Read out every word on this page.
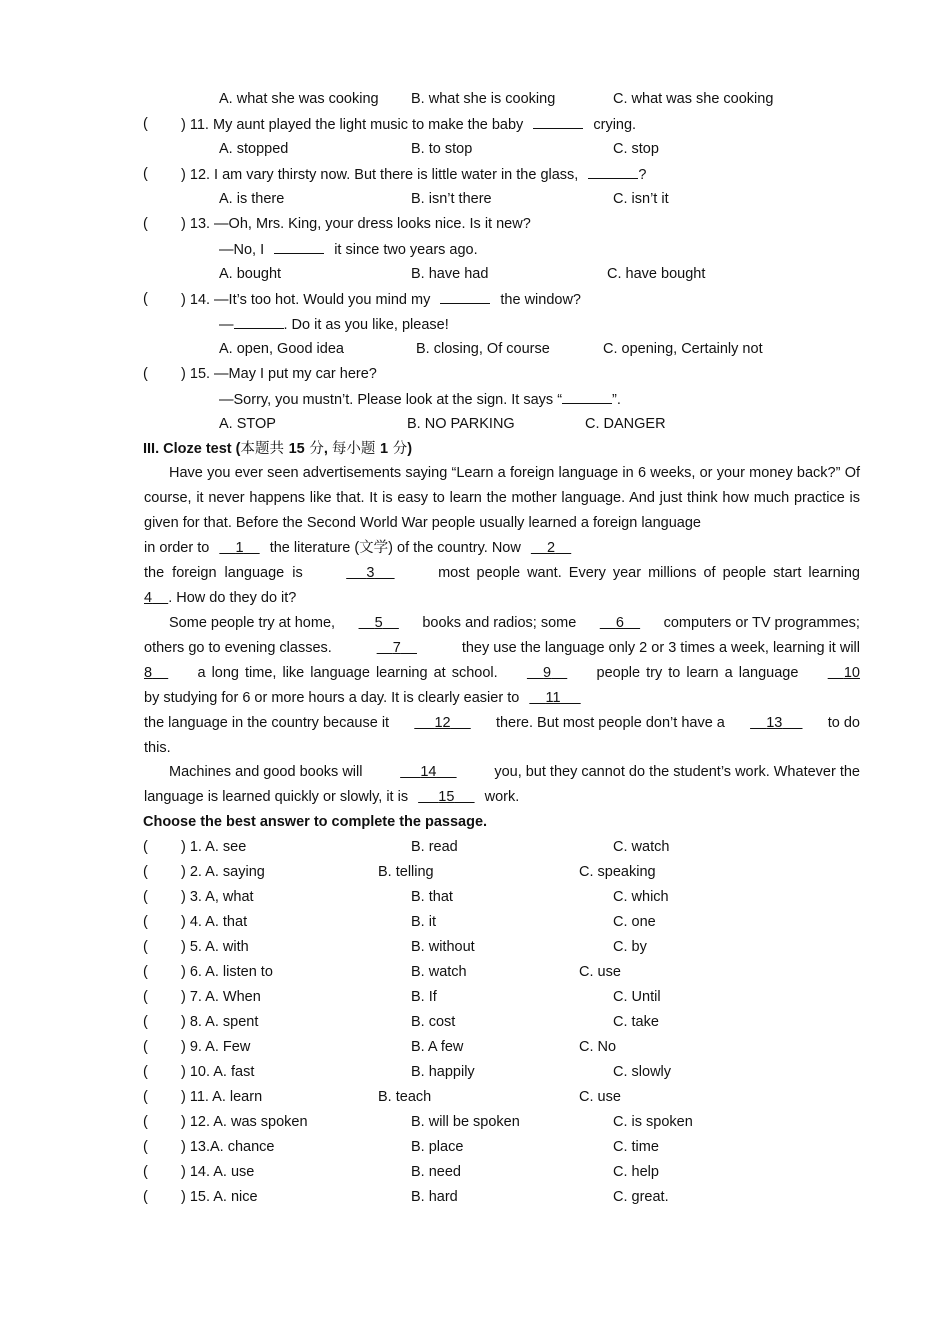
A. what she was cooking B. what she is cooking	C. what was she cooking
( ) 11. My aunt played the light music to make the baby	crying.
A. stopped	B. to stop	C. stop
( ) 12. I am vary thirsty now. But there is little water in the glass,	?
A. is there	B. isn’t there	C. isn’t it
( ) 13. —Oh, Mrs. King, your dress looks nice. Is it new?
—No, I	it since two years ago.
A. bought	B. have had	C. have bought
( ) 14. —It’s too hot. Would you mind my	the window?
—	. Do it as you like, please!
A. open, Good idea	B. closing, Of course	C. opening, Certainly not
( ) 15. —May I put my car here?
—Sorry, you mustn’t. Please look at the sign. It says “	”.
A. STOP	B. NO PARKING	C. DANGER
III. Cloze test (本题共 15 分, 每小题 1 分)
Have you ever seen advertisements saying “Learn a foreign language in 6 weeks, or your money back?” Of course, it never happens like that. It is easy to learn the mother language. And just think how much practice is given for that. Before the Second World War people usually learned a foreign language
in order to 1 the literature (文学) of the country. Now 2
the foreign language is	3	most people want. Every year millions of people start learning
4 . How do they do it?
Some people try at home,	5	books and radios; some	6	computers or TV programmes;
others go to evening classes.	7	they use the language only 2 or 3 times a week, learning it will
8	a long time, like language learning at school.	9	people try to learn a language	10
by studying for 6 or more hours a day. It is clearly easier to 11
the language in the country because it	12	there. But most people don’t have a	13	to do
this.
Machines and good books will	14	you, but they cannot do the student’s work. Whatever the
language is learned quickly or slowly, it is 15 work.
Choose the best answer to complete the passage.
( ) 1. A. see	B. read	C. watch
( ) 2. A. saying	B. telling	C. speaking
( ) 3. A, what	B. that	C. which
( ) 4. A. that	B. it	C. one
( ) 5. A. with	B. without	C. by
( ) 6. A. listen to	B. watch	C. use
( ) 7. A. When	B. If	C. Until
( ) 8. A. spent	B. cost	C. take
( ) 9. A. Few	B. A few	C. No
( ) 10. A. fast	B. happily	C. slowly
( ) 11. A. learn	B. teach	C. use
( ) 12. A. was spoken	B. will be spoken	C. is spoken
( ) 13.A. chance	B. place	C. time
( ) 14. A. use	B. need	C. help
( ) 15. A. nice	B. hard	C. great.
